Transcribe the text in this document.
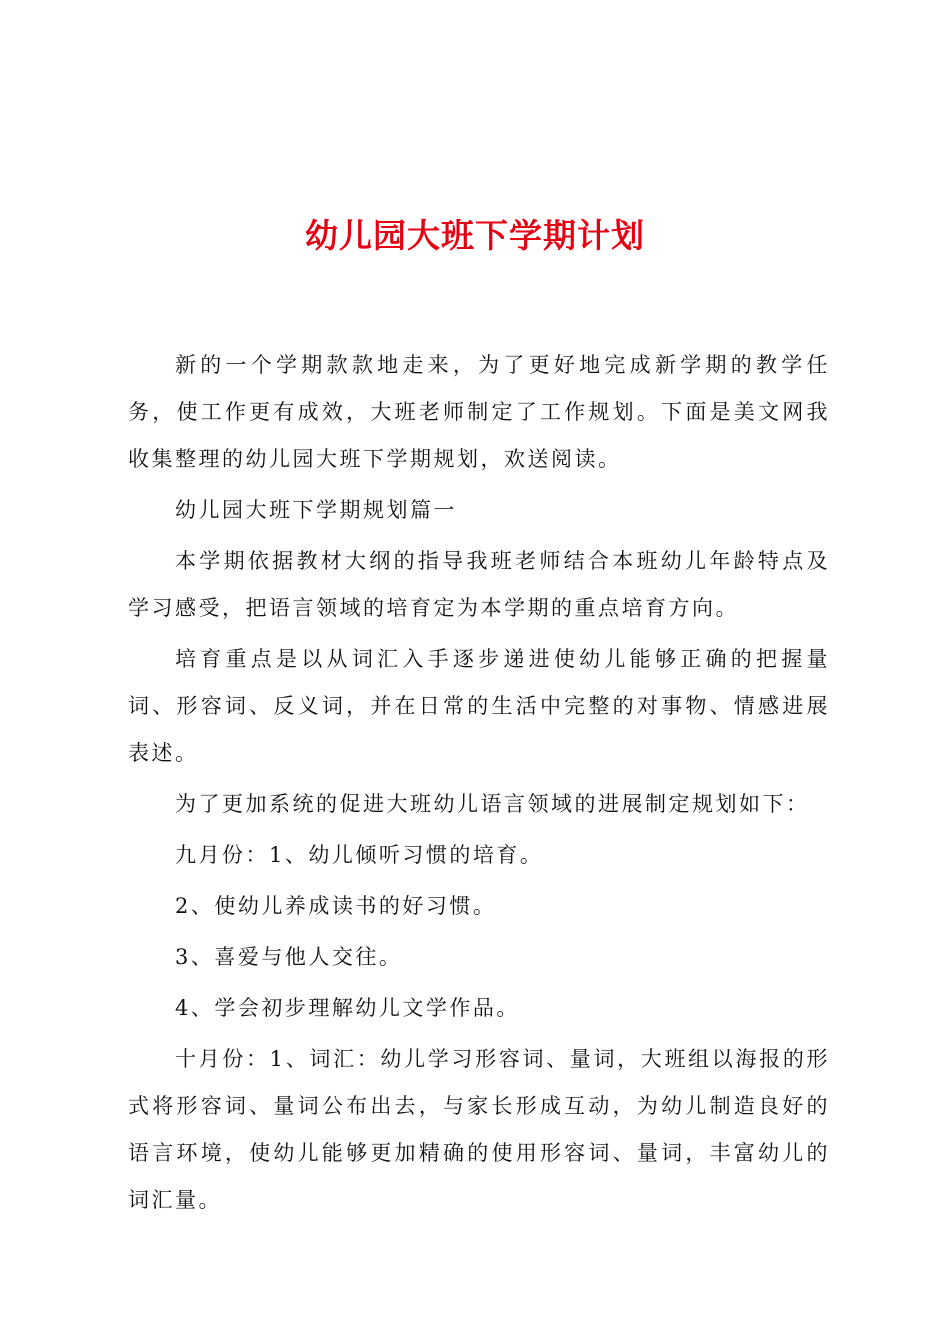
幼儿园大班下学期计划

新的一个学期款款地走来，为了更好地完成新学期的教学任务，使工作更有成效，大班老师制定了工作规划。下面是美文网我收集整理的幼儿园大班下学期规划，欢送阅读。

幼儿园大班下学期规划篇一

本学期依据教材大纲的指导我班老师结合本班幼儿年龄特点及学习感受，把语言领域的培育定为本学期的重点培育方向。

培育重点是以从词汇入手逐步递进使幼儿能够正确的把握量词、形容词、反义词，并在日常的生活中完整的对事物、情感进展表述。

为了更加系统的促进大班幼儿语言领域的进展制定规划如下：

九月份：1、幼儿倾听习惯的培育。

2、使幼儿养成读书的好习惯。

3、喜爱与他人交往。

4、学会初步理解幼儿文学作品。

十月份：1、词汇：幼儿学习形容词、量词，大班组以海报的形式将形容词、量词公布出去，与家长形成互动，为幼儿制造良好的语言环境，使幼儿能够更加精确的使用形容词、量词，丰富幼儿的词汇量。
